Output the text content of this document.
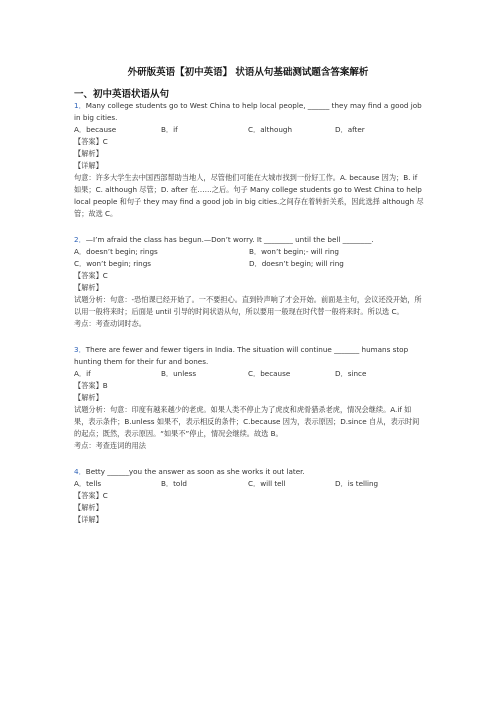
外研版英语【初中英语】 状语从句基础测试题含答案解析
一、初中英语状语从句
1．Many college students go to West China to help local people, ______ they may find a good job in big cities.
A．because	B．if	C．although	D．after
【答案】C
【解析】
【详解】
句意：许多大学生去中国西部帮助当地人，尽管他们可能在大城市找到一份好工作。A. because 因为；B. if 如果；C. although 尽管；D. after 在……之后。句子 Many college students go to West China to help local people 和句子 they may find a good job in big cities.之间存在着转折关系，因此选择 although 尽管；故选 C。
2．—I’m afraid the class has begun.—Don’t worry. It ________ until the bell ________.
A．doesn’t begin; rings	B．won’t begin;- will ring
C．won’t begin; rings	D．doesn’t begin; will ring
【答案】C
【解析】
试题分析：句意：-恐怕课已经开始了。一不要担心。直到铃声响了才会开始。前面是主句，会议还没开始，所以用一般将来时；后面是 until 引导的时间状语从句，所以要用一般现在时代替一般将来时。所以选 C。
考点：考查动词时态。
3．There are fewer and fewer tigers in India. The situation will continue _______ humans stop hunting them for their fur and bones.
A．if	B．unless	C．because	D．since
【答案】B
【解析】
试题分析：句意：印度有越来越少的老虎。如果人类不停止为了虎皮和虎骨猎杀老虎，情况会继续。A.if 如果，表示条件；B.unless 如果不，表示相反的条件；C.because 因为，表示原因；D.since 自从，表示时间的起点；既然，表示原因。“如果不”停止，情况会继续。故选 B。
考点：考查连词的用法
4．Betty ______you the answer as soon as she works it out later.
A．tells	B．told	C．will tell	D．is telling
【答案】C
【解析】
【详解】
